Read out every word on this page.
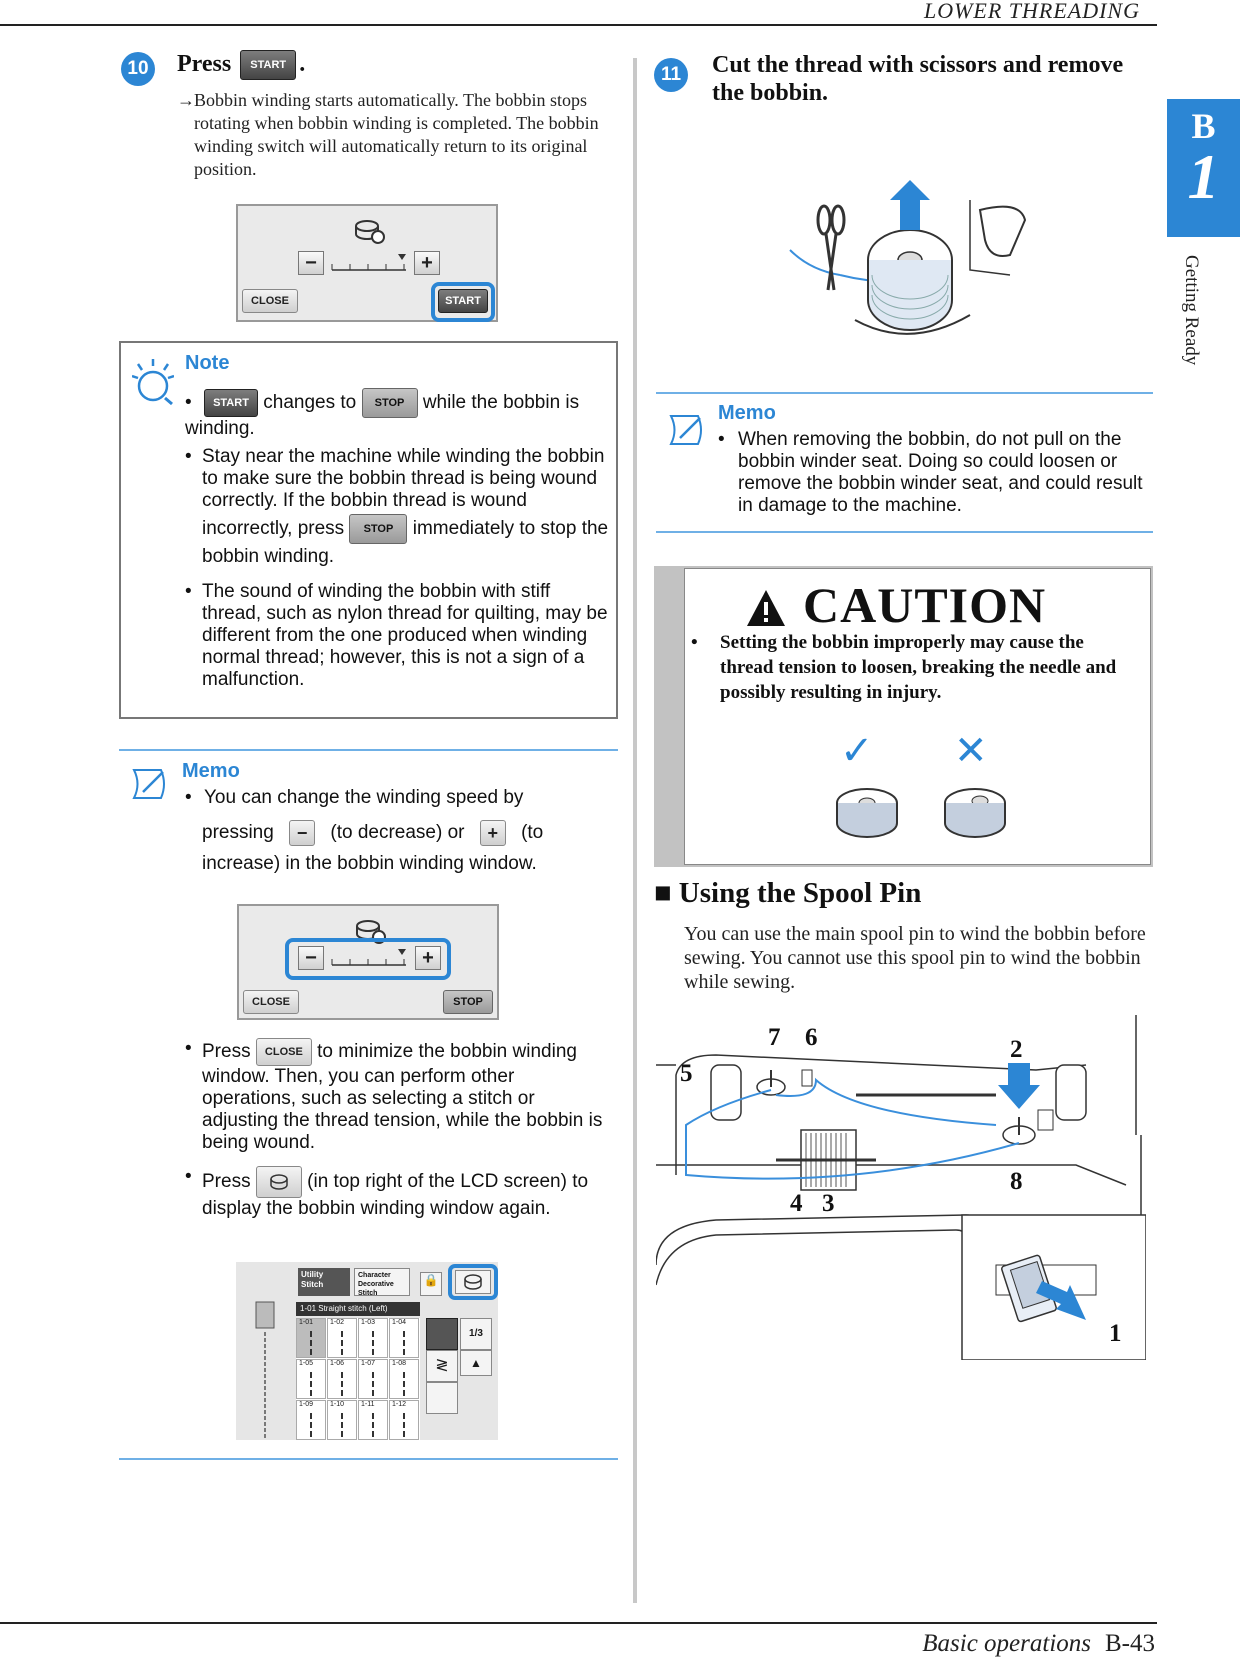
LOWER THREADING
B
1
Getting Ready
10 Press START .
→ Bobbin winding starts automatically. The bobbin stops rotating when bobbin winding is completed. The bobbin winding switch will automatically return to its original position.
−	+
CLOSE	START
Note
• START changes to STOP while the bobbin is winding.
• Stay near the machine while winding the bobbin to make sure the bobbin thread is being wound correctly. If the bobbin thread is wound incorrectly, press STOP immediately to stop the bobbin winding.
• The sound of winding the bobbin with stiff thread, such as nylon thread for quilting, may be different from the one produced when winding normal thread; however, this is not a sign of a malfunction.
Memo
• You can change the winding speed by
pressing − (to decrease) or + (to
increase) in the bobbin winding window.
−	+
CLOSE	STOP
• Press CLOSE to minimize the bobbin winding window. Then, you can perform other operations, such as selecting a stitch or adjusting the thread tension, while the bobbin is being wound.
• Press	(in top right of the LCD screen) to display the bobbin winding window again.
Utility Stitch
Character Decorative Stitch
🔒
1-01 Straight stitch (Left)
1-01	1-02	1-03	1-04
1-05	1-06	1-07	1-08
1-09	1-10	1-11	1-12
≷
1/3
▲
11 Cut the thread with scissors and remove the bobbin.
Memo
• When removing the bobbin, do not pull on the bobbin winder seat. Doing so could loosen or remove the bobbin winder seat, and could result in damage to the machine.
CAUTION
•	Setting the bobbin improperly may cause the thread tension to loosen, breaking the needle and possibly resulting in injury.
✓ ✕
■ Using the Spool Pin
You can use the main spool pin to wind the bobbin before sewing. You cannot use this spool pin to wind the bobbin while sewing.
7 6	2
5
8
4 3
1
Basic operations B-43
